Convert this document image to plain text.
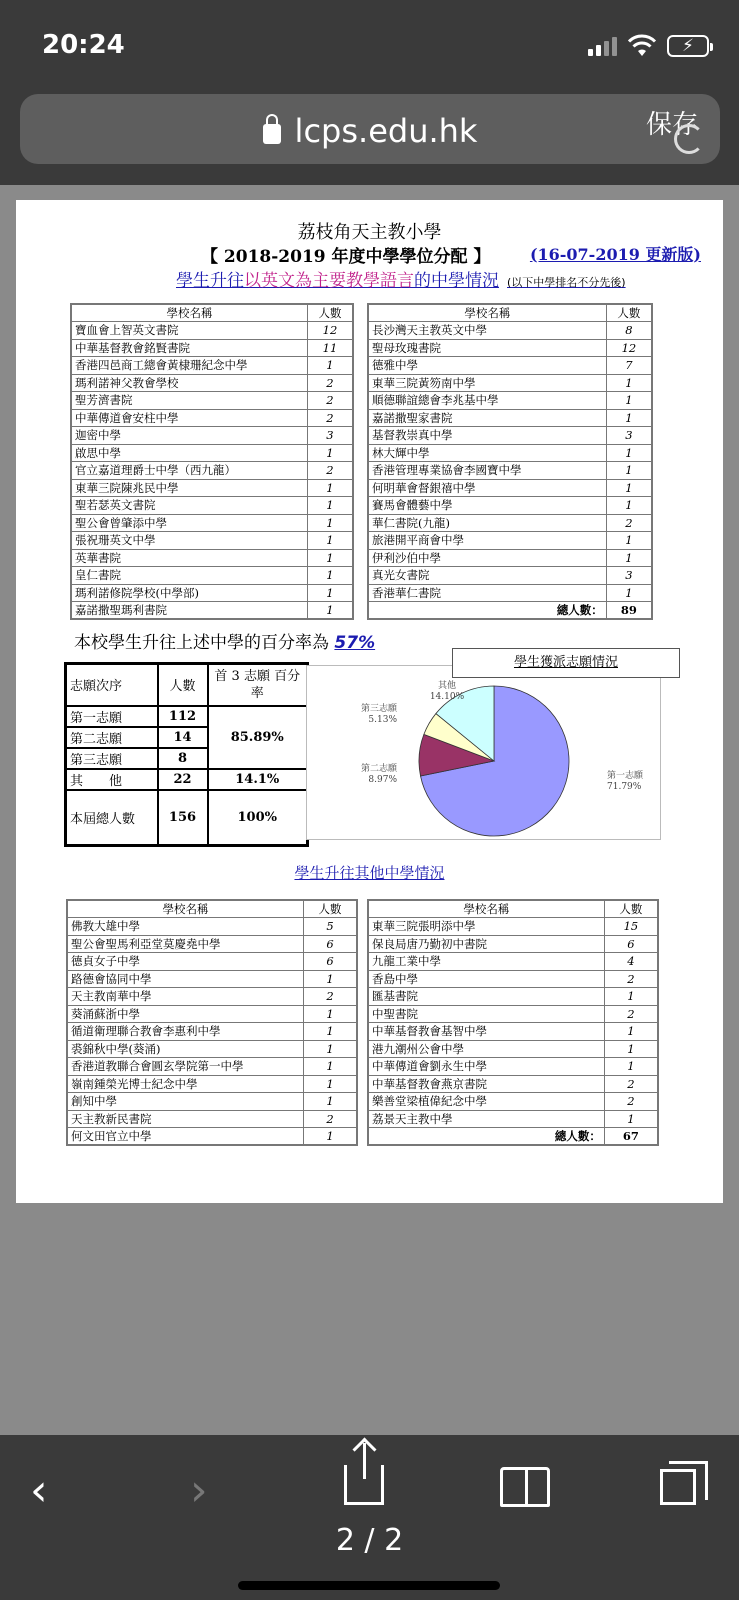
20:24	⚡
lcps.edu.hk	保存
荔枝角天主教小學
【 2018-2019 年度中學學位分配 】 (16-07-2019 更新版)
學生升往以英文為主要教學語言的中學情況 (以下中學排名不分先後)
學校名稱	人數
寶血會上智英文書院	12
中華基督教會銘賢書院	11
香港四邑商工總會黃棣珊紀念中學	1
瑪利諾神父教會學校	2
聖芳濟書院	2
中華傳道會安柱中學	2
迦密中學	3
啟思中學	1
官立嘉道理爵士中學（西九龍）	2
東華三院陳兆民中學	1
聖若瑟英文書院	1
聖公會曾肇添中學	1
張祝珊英文中學	1
英華書院	1
皇仁書院	1
瑪利諾修院學校(中學部)	1
嘉諾撒聖瑪利書院	1
學校名稱	人數
長沙灣天主教英文中學	8
聖母玫瑰書院	12
德雅中學	7
東華三院黃笏南中學	1
順德聯誼總會李兆基中學	1
嘉諾撒聖家書院	1
基督教崇真中學	3
林大輝中學	1
香港管理專業協會李國寶中學	1
何明華會督銀禧中學	1
賽馬會體藝中學	1
華仁書院(九龍)	2
旅港開平商會中學	1
伊利沙伯中學	1
真光女書院	3
香港華仁書院	1
總人數：	89
本校學生升往上述中學的百分率為 57%
志願次序	人數	首 3 志願 百分率
第一志願	112	85.89%
第二志願	14	
第三志願	8	
其　　他	22	14.1%
本屆總人數	156	100%
第一志願
71.79%
第二志願
8.97%
第三志願
5.13%
其他
14.10%
學生獲派志願情況
學生升往其他中學情況
學校名稱	人數
佛教大雄中學	5
聖公會聖馬利亞堂莫慶堯中學	6
德貞女子中學	6
路德會協同中學	1
天主教南華中學	2
葵涌蘇浙中學	1
循道衛理聯合教會李惠利中學	1
裘錦秋中學(葵涌)	1
香港道教聯合會圓玄學院第一中學	1
嶺南鍾榮光博士紀念中學	1
創知中學	1
天主教新民書院	2
何文田官立中學	1
學校名稱	人數
東華三院張明添中學	15
保良局唐乃勤初中書院	6
九龍工業中學	4
香島中學	2
匯基書院	1
中聖書院	2
中華基督教會基智中學	1
港九潮州公會中學	1
中華傳道會劉永生中學	1
中華基督教會燕京書院	2
樂善堂梁植偉紀念中學	2
荔景天主教中學	1
總人數：	67
‹	›
2 / 2
